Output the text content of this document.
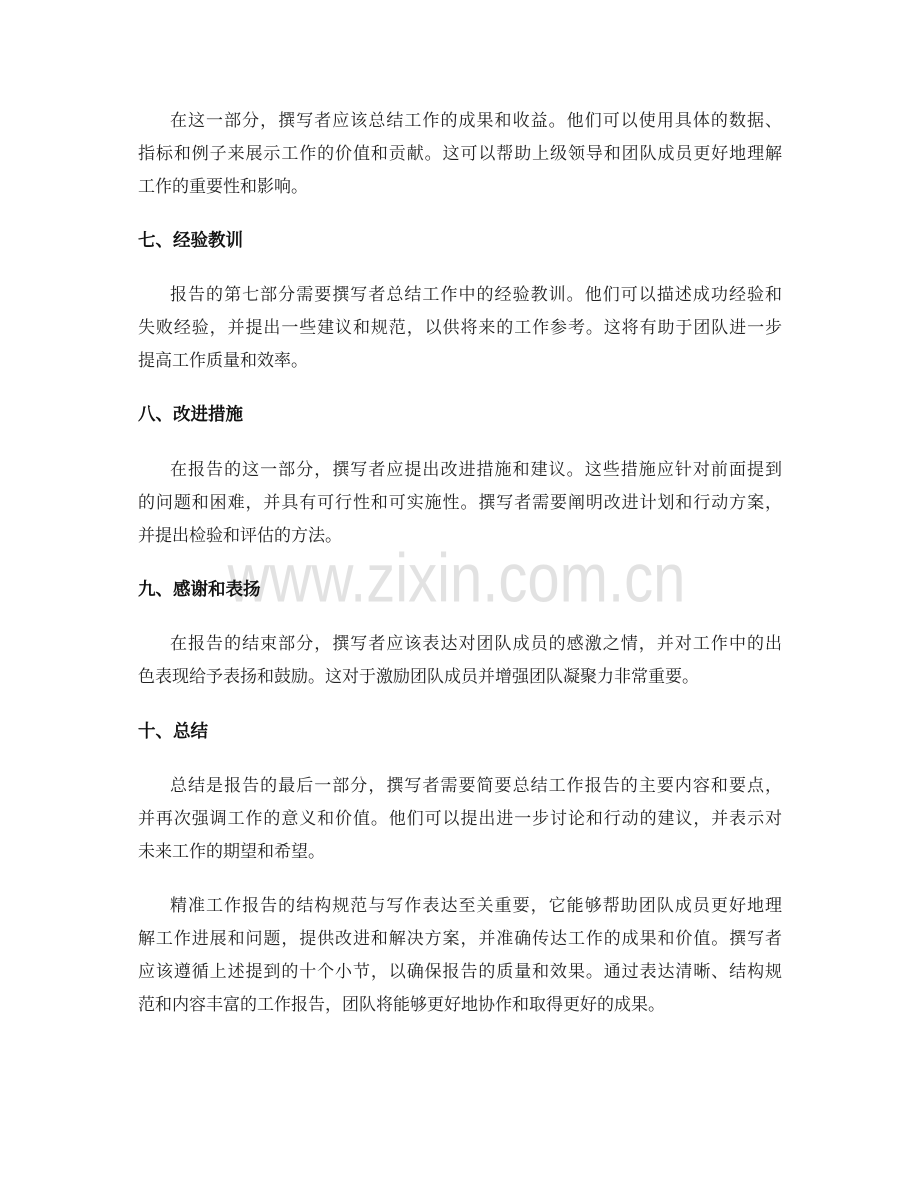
www.zixin.com.cn
在这一部分，撰写者应该总结工作的成果和收益。他们可以使用具体的数据、
指标和例子来展示工作的价值和贡献。这可以帮助上级领导和团队成员更好地理解
工作的重要性和影响。
七、经验教训
报告的第七部分需要撰写者总结工作中的经验教训。他们可以描述成功经验和
失败经验，并提出一些建议和规范，以供将来的工作参考。这将有助于团队进一步
提高工作质量和效率。
八、改进措施
在报告的这一部分，撰写者应提出改进措施和建议。这些措施应针对前面提到
的问题和困难，并具有可行性和可实施性。撰写者需要阐明改进计划和行动方案，
并提出检验和评估的方法。
九、感谢和表扬
在报告的结束部分，撰写者应该表达对团队成员的感激之情，并对工作中的出
色表现给予表扬和鼓励。这对于激励团队成员并增强团队凝聚力非常重要。
十、总结
总结是报告的最后一部分，撰写者需要简要总结工作报告的主要内容和要点，
并再次强调工作的意义和价值。他们可以提出进一步讨论和行动的建议，并表示对
未来工作的期望和希望。
精准工作报告的结构规范与写作表达至关重要，它能够帮助团队成员更好地理
解工作进展和问题，提供改进和解决方案，并准确传达工作的成果和价值。撰写者
应该遵循上述提到的十个小节，以确保报告的质量和效果。通过表达清晰、结构规
范和内容丰富的工作报告，团队将能够更好地协作和取得更好的成果。
